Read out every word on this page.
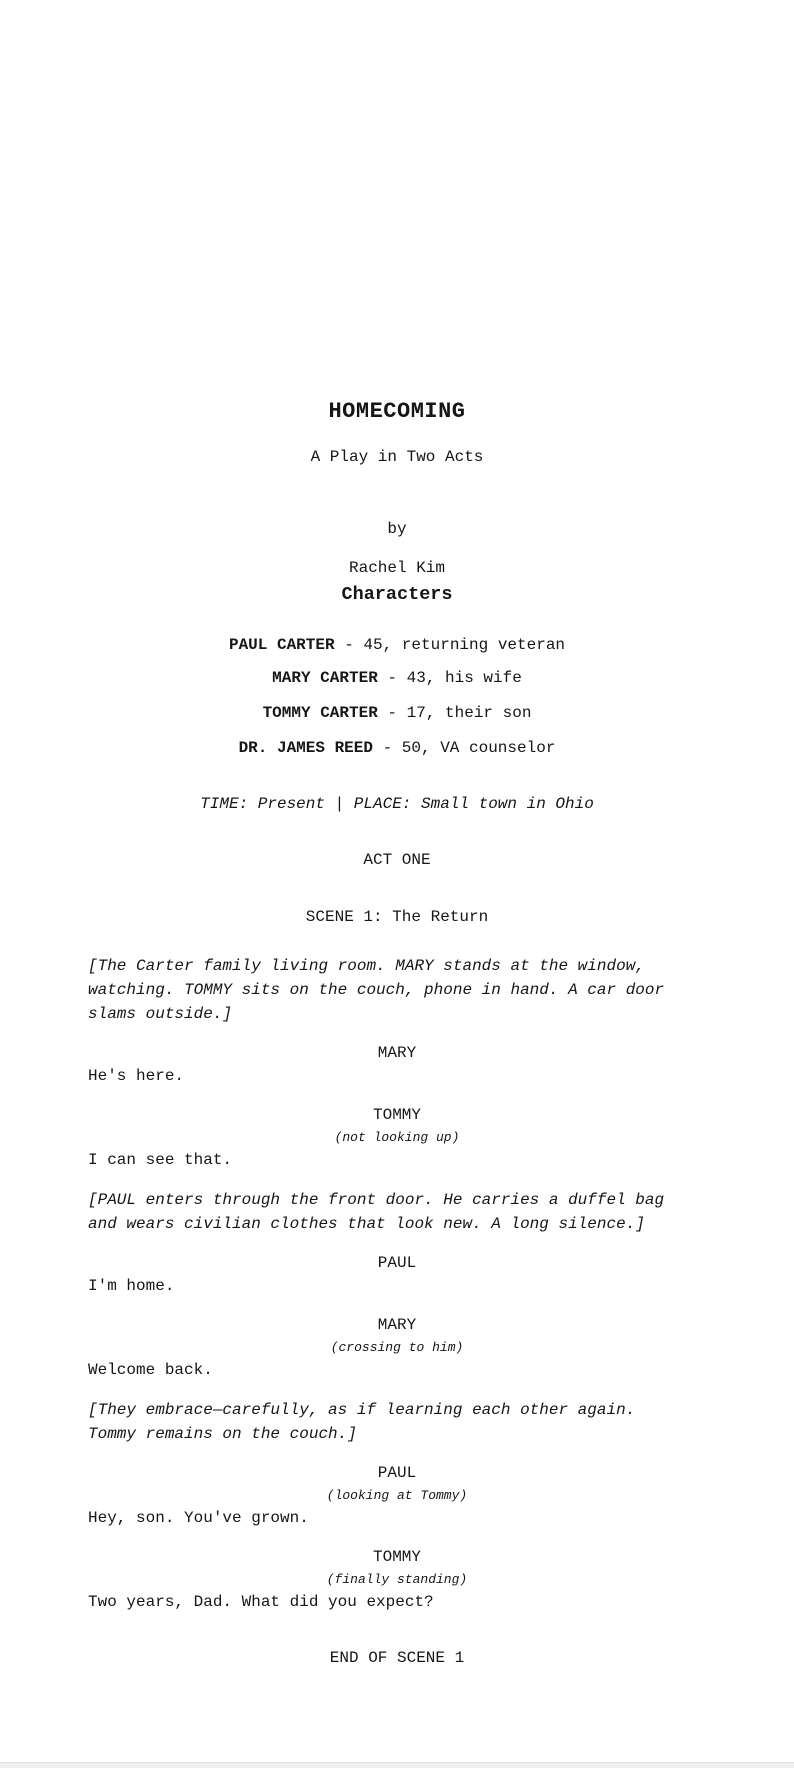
HOMECOMING
A Play in Two Acts
by
Rachel Kim
Characters
PAUL CARTER - 45, returning veteran
MARY CARTER - 43, his wife
TOMMY CARTER - 17, their son
DR. JAMES REED - 50, VA counselor
TIME: Present | PLACE: Small town in Ohio
ACT ONE
SCENE 1: The Return
[The Carter family living room. MARY stands at the window,
watching. TOMMY sits on the couch, phone in hand. A car door
slams outside.]
MARY
He's here.
TOMMY
(not looking up)
I can see that.
[PAUL enters through the front door. He carries a duffel bag
and wears civilian clothes that look new. A long silence.]
PAUL
I'm home.
MARY
(crossing to him)
Welcome back.
[They embrace—carefully, as if learning each other again.
Tommy remains on the couch.]
PAUL
(looking at Tommy)
Hey, son. You've grown.
TOMMY
(finally standing)
Two years, Dad. What did you expect?
END OF SCENE 1
